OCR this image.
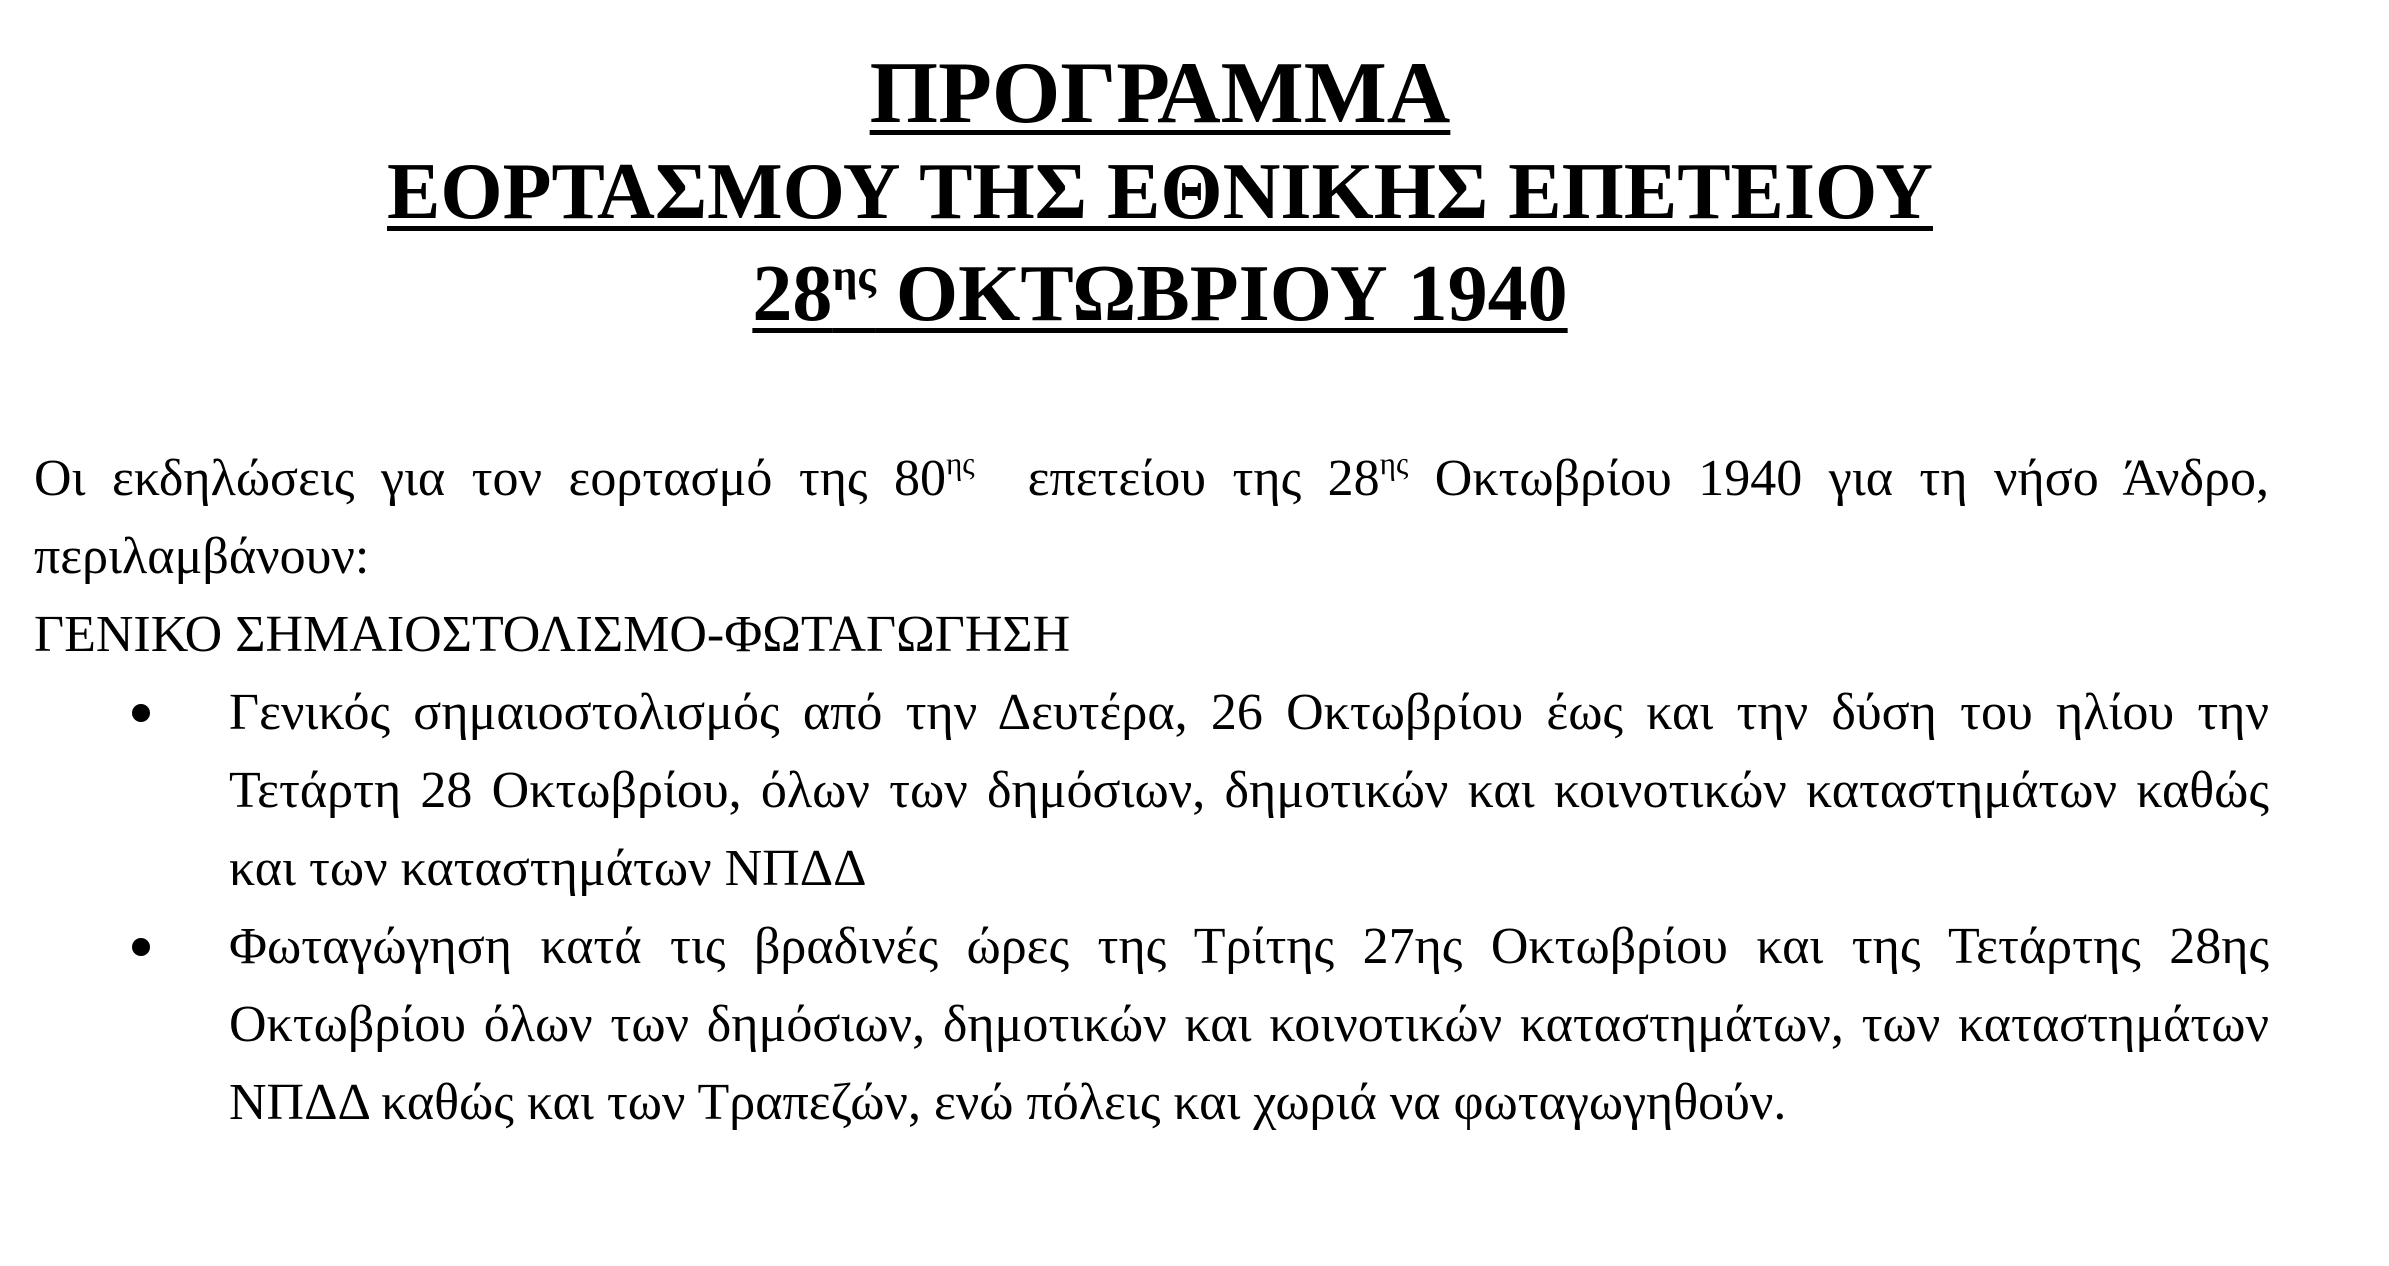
ΠΡΟΓΡΑΜΜΑ
ΕΟΡΤΑΣΜΟΥ ΤΗΣ ΕΘΝΙΚΗΣ ΕΠΕΤΕΙΟΥ
$28^{\eta\varsigma}$ ΟΚΤΩΒΡΙΟΥ 1940

Οι εκδηλώσεις για τον εορτασμό της $80^{\eta\varsigma}$  επετείου της $28^{\eta\varsigma}$ Οκτωβρίου 1940 για τη νήσο Άνδρο, περιλαμβάνουν:

ΓΕΝΙΚΟ ΣΗΜΑΙΟΣΤΟΛΙΣΜΟ-ΦΩΤΑΓΩΓΗΣΗ

Γενικός σημαιοστολισμός από την Δευτέρα, 26 Οκτωβρίου έως και την δύση του ηλίου την Τετάρτη 28 Οκτωβρίου, όλων των δημόσιων, δημοτικών και κοινοτικών καταστημάτων καθώς και των καταστημάτων ΝΠΔΔ
Φωταγώγηση κατά τις βραδινές ώρες της Τρίτης 27ης Οκτωβρίου και της Τετάρτης 28ης Οκτωβρίου όλων των δημόσιων, δημοτικών και κοινοτικών καταστημάτων, των καταστημάτων ΝΠΔΔ καθώς και των Τραπεζών, ενώ πόλεις και χωριά να φωταγωγηθούν.
